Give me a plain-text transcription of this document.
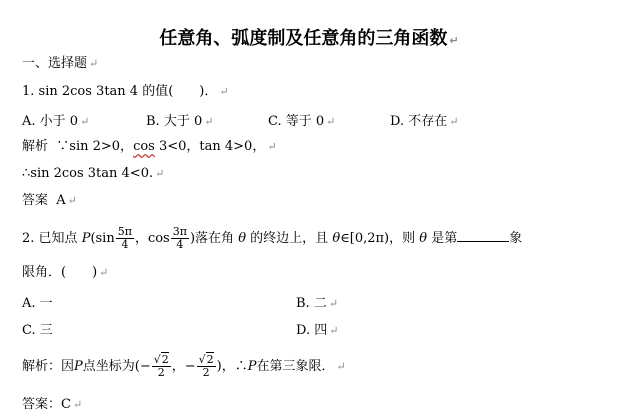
任意角、弧度制及任意角的三角函数 ↵
一、选择题 ↵
1. sin 2cos 3tan 4 的值(　　)． ↵
A. 小于 0 ↵	B. 大于 0 ↵	C. 等于 0 ↵	D. 不存在 ↵
解析 ∵sin 2>0，cos 3<0，tan 4>0， ↵
∴sin 2cos 3tan 4<0. ↵
答案 A ↵
2. 已知点 $P(\sin \frac{5\pi}{4}$ ，$\cos \frac{3\pi}{4}$ )落在角 θ 的终边上，且 θ∈[0,2π)，则 θ 是第	象
限角．(　　) ↵
A. 一	B. 二 ↵
C. 三	D. 四 ↵
解析：因P点坐标为(− $\frac{√2}{2}$ ，− $\frac{√2}{2}$ )，∴P在第三象限． ↵
答案：C ↵
